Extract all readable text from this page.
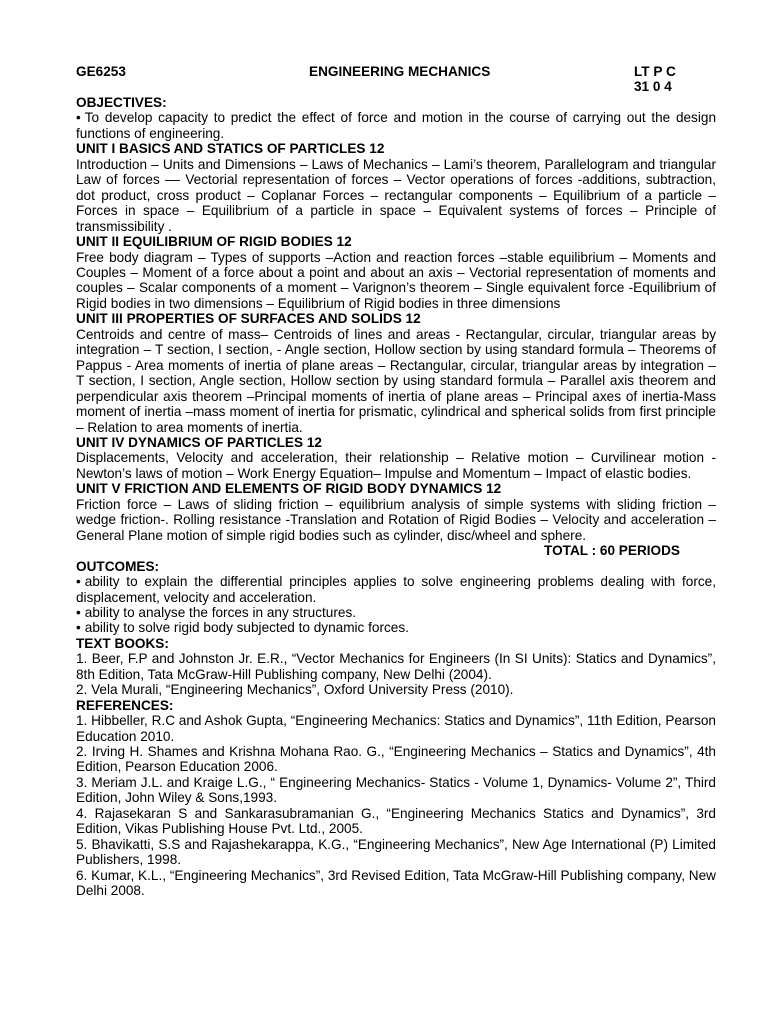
GE6253	ENGINEERING MECHANICS	LT P C
31 0 4

OBJECTIVES:

• To develop capacity to predict the effect of force and motion in the course of carrying out the design functions of engineering.

UNIT I BASICS AND STATICS OF PARTICLES 12

Introduction – Units and Dimensions – Laws of Mechanics – Lami’s theorem, Parallelogram and triangular Law of forces –– Vectorial representation of forces – Vector operations of forces -additions, subtraction, dot product, cross product – Coplanar Forces – rectangular components – Equilibrium of a particle – Forces in space – Equilibrium of a particle in space – Equivalent systems of forces – Principle of transmissibility .

UNIT II EQUILIBRIUM OF RIGID BODIES 12

Free body diagram – Types of supports –Action and reaction forces –stable equilibrium – Moments and Couples – Moment of a force about a point and about an axis – Vectorial representation of moments and couples – Scalar components of a moment – Varignon’s theorem – Single equivalent force -Equilibrium of Rigid bodies in two dimensions – Equilibrium of Rigid bodies in three dimensions

UNIT III PROPERTIES OF SURFACES AND SOLIDS 12

Centroids and centre of mass– Centroids of lines and areas - Rectangular, circular, triangular areas by integration – T section, I section, - Angle section, Hollow section by using standard formula – Theorems of Pappus - Area moments of inertia of plane areas – Rectangular, circular, triangular areas by integration – T section, I section, Angle section, Hollow section by using standard formula – Parallel axis theorem and perpendicular axis theorem –Principal moments of inertia of plane areas – Principal axes of inertia-Mass moment of inertia –mass moment of inertia for prismatic, cylindrical and spherical solids from first principle – Relation to area moments of inertia.

UNIT IV DYNAMICS OF PARTICLES 12

Displacements, Velocity and acceleration, their relationship – Relative motion – Curvilinear motion - Newton’s laws of motion – Work Energy Equation– Impulse and Momentum – Impact of elastic bodies.

UNIT V FRICTION AND ELEMENTS OF RIGID BODY DYNAMICS 12

Friction force – Laws of sliding friction – equilibrium analysis of simple systems with sliding friction – wedge friction-. Rolling resistance -Translation and Rotation of Rigid Bodies – Velocity and acceleration – General Plane motion of simple rigid bodies such as cylinder, disc/wheel and sphere.

TOTAL : 60 PERIODS

OUTCOMES:

• ability to explain the differential principles applies to solve engineering problems dealing with force, displacement, velocity and acceleration.

• ability to analyse the forces in any structures.

• ability to solve rigid body subjected to dynamic forces.

TEXT BOOKS:

1. Beer, F.P and Johnston Jr. E.R., “Vector Mechanics for Engineers (In SI Units): Statics and Dynamics”, 8th Edition, Tata McGraw-Hill Publishing company, New Delhi (2004).

2. Vela Murali, “Engineering Mechanics”, Oxford University Press (2010).

REFERENCES:

1. Hibbeller, R.C and Ashok Gupta, “Engineering Mechanics: Statics and Dynamics”, 11th Edition, Pearson Education 2010.

2. Irving H. Shames and Krishna Mohana Rao. G., “Engineering Mechanics – Statics and Dynamics”, 4th Edition, Pearson Education 2006.

3. Meriam J.L. and Kraige L.G., “ Engineering Mechanics- Statics - Volume 1, Dynamics- Volume 2”, Third Edition, John Wiley & Sons,1993.

4. Rajasekaran S and Sankarasubramanian G., “Engineering Mechanics Statics and Dynamics”, 3rd Edition, Vikas Publishing House Pvt. Ltd., 2005.

5. Bhavikatti, S.S and Rajashekarappa, K.G., “Engineering Mechanics”, New Age International (P) Limited Publishers, 1998.

6. Kumar, K.L., “Engineering Mechanics”, 3rd Revised Edition, Tata McGraw-Hill Publishing company, New Delhi 2008.
